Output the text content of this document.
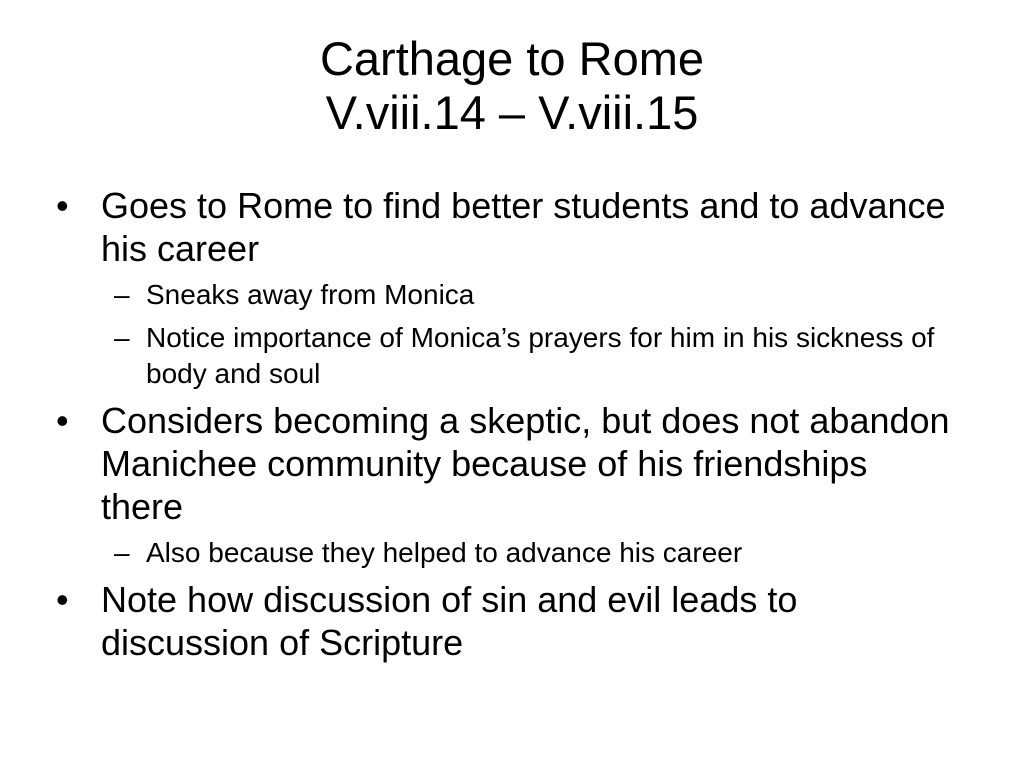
Carthage to Rome
V.viii.14 – V.viii.15
• Goes to Rome to find better students and to advance his career
– Sneaks away from Monica
– Notice importance of Monica’s prayers for him in his sickness of body and soul
• Considers becoming a skeptic, but does not abandon Manichee community because of his friendships there
– Also because they helped to advance his career
• Note how discussion of sin and evil leads to discussion of Scripture
